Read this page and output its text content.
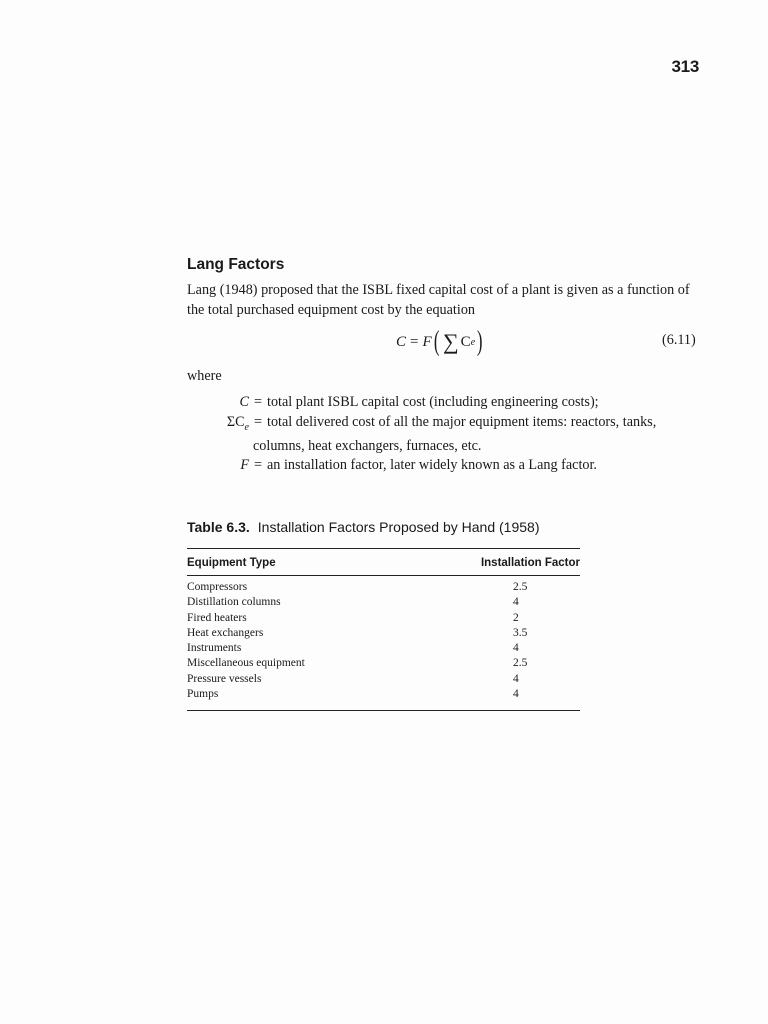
313
Lang Factors
Lang (1948) proposed that the ISBL fixed capital cost of a plant is given as a function of the total purchased equipment cost by the equation
C = F ( ∑ C e )	(6.11)
where
C = total plant ISBL capital cost (including engineering costs);
$\Sigma C_e$ = total delivered cost of all the major equipment items: reactors, tanks,
columns, heat exchangers, furnaces, etc.
F = an installation factor, later widely known as a Lang factor.
Table 6.3. Installation Factors Proposed by Hand (1958)
Equipment Type	Installation Factor
Compressors	2.5
Distillation columns	4
Fired heaters	2
Heat exchangers	3.5
Instruments	4
Miscellaneous equipment	2.5
Pressure vessels	4
Pumps	4
